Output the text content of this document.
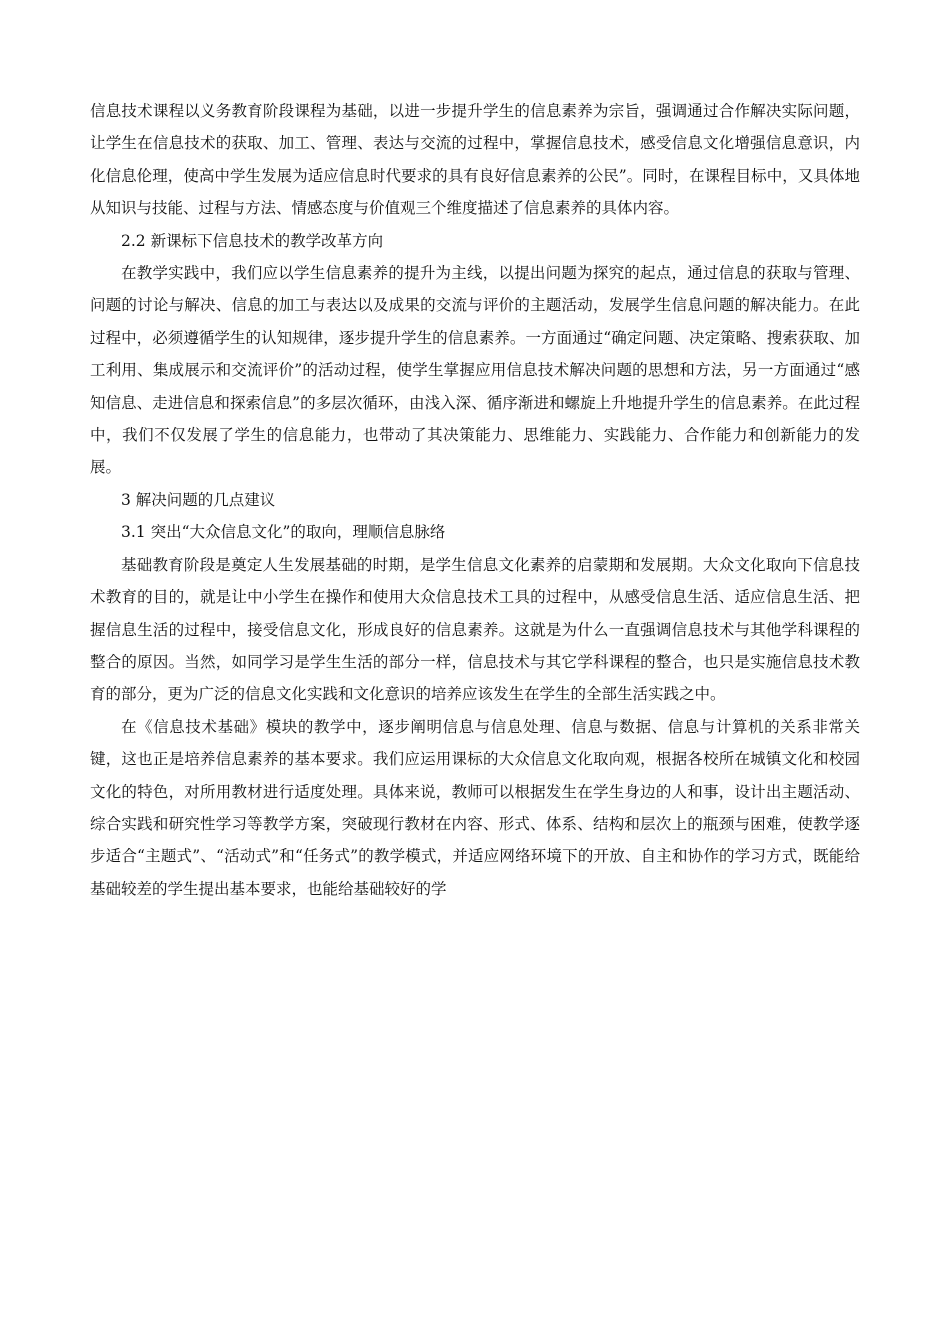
信息技术课程以义务教育阶段课程为基础，以进一步提升学生的信息素养为宗旨，强调通过合作解决实际问题，让学生在信息技术的获取、加工、管理、表达与交流的过程中，掌握信息技术，感受信息文化增强信息意识，内化信息伦理，使高中学生发展为适应信息时代要求的具有良好信息素养的公民”。同时，在课程目标中，又具体地从知识与技能、过程与方法、情感态度与价值观三个维度描述了信息素养的具体内容。

2.2 新课标下信息技术的教学改革方向

在教学实践中，我们应以学生信息素养的提升为主线，以提出问题为探究的起点，通过信息的获取与管理、问题的讨论与解决、信息的加工与表达以及成果的交流与评价的主题活动，发展学生信息问题的解决能力。在此过程中，必须遵循学生的认知规律，逐步提升学生的信息素养。一方面通过“确定问题、决定策略、搜索获取、加工利用、集成展示和交流评价”的活动过程，使学生掌握应用信息技术解决问题的思想和方法，另一方面通过“感知信息、走进信息和探索信息”的多层次循环，由浅入深、循序渐进和螺旋上升地提升学生的信息素养。在此过程中，我们不仅发展了学生的信息能力，也带动了其决策能力、思维能力、实践能力、合作能力和创新能力的发展。

3 解决问题的几点建议

3.1 突出“大众信息文化”的取向，理顺信息脉络

基础教育阶段是奠定人生发展基础的时期，是学生信息文化素养的启蒙期和发展期。大众文化取向下信息技术教育的目的，就是让中小学生在操作和使用大众信息技术工具的过程中，从感受信息生活、适应信息生活、把握信息生活的过程中，接受信息文化，形成良好的信息素养。这就是为什么一直强调信息技术与其他学科课程的整合的原因。当然，如同学习是学生生活的部分一样，信息技术与其它学科课程的整合，也只是实施信息技术教育的部分，更为广泛的信息文化实践和文化意识的培养应该发生在学生的全部生活实践之中。

在《信息技术基础》模块的教学中，逐步阐明信息与信息处理、信息与数据、信息与计算机的关系非常关键，这也正是培养信息素养的基本要求。我们应运用课标的大众信息文化取向观，根据各校所在城镇文化和校园文化的特色，对所用教材进行适度处理。具体来说，教师可以根据发生在学生身边的人和事，设计出主题活动、综合实践和研究性学习等教学方案，突破现行教材在内容、形式、体系、结构和层次上的瓶颈与困难，使教学逐步适合“主题式”、“活动式”和“任务式”的教学模式，并适应网络环境下的开放、自主和协作的学习方式，既能给基础较差的学生提出基本要求，也能给基础较好的学
